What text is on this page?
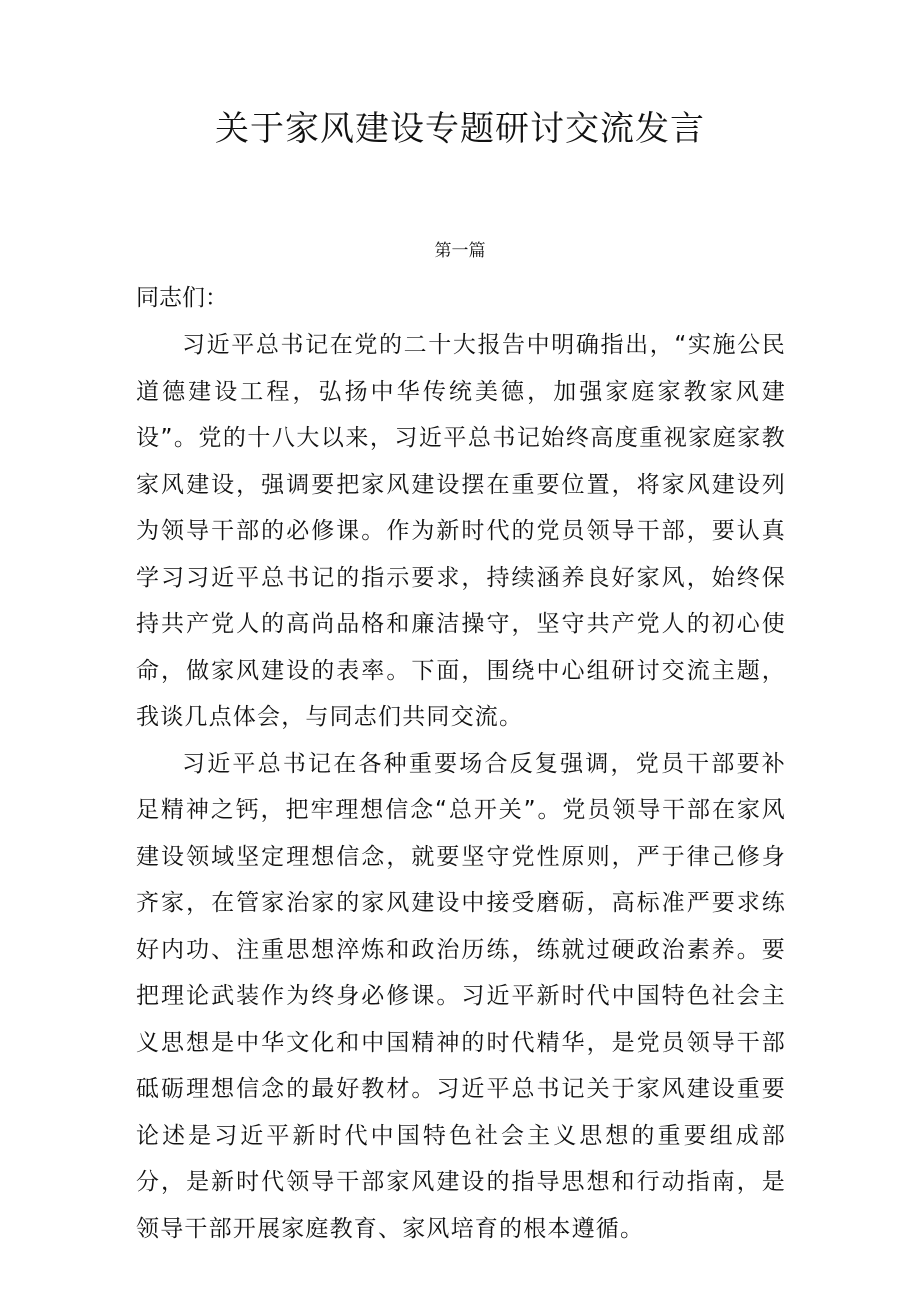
关于家风建设专题研讨交流发言

第一篇

同志们：

习近平总书记在党的二十大报告中明确指出，“实施公民道德建设工程，弘扬中华传统美德，加强家庭家教家风建设”。党的十八大以来，习近平总书记始终高度重视家庭家教家风建设，强调要把家风建设摆在重要位置，将家风建设列为领导干部的必修课。作为新时代的党员领导干部，要认真学习习近平总书记的指示要求，持续涵养良好家风，始终保持共产党人的高尚品格和廉洁操守，坚守共产党人的初心使命，做家风建设的表率。下面，围绕中心组研讨交流主题，我谈几点体会，与同志们共同交流。

习近平总书记在各种重要场合反复强调，党员干部要补足精神之钙，把牢理想信念“总开关”。党员领导干部在家风建设领域坚定理想信念，就要坚守党性原则，严于律己修身齐家，在管家治家的家风建设中接受磨砺，高标准严要求练好内功、注重思想淬炼和政治历练，练就过硬政治素养。要把理论武装作为终身必修课。习近平新时代中国特色社会主义思想是中华文化和中国精神的时代精华，是党员领导干部砥砺理想信念的最好教材。习近平总书记关于家风建设重要论述是习近平新时代中国特色社会主义思想的重要组成部分，是新时代领导干部家风建设的指导思想和行动指南，是领导干部开展家庭教育、家风培育的根本遵循。
